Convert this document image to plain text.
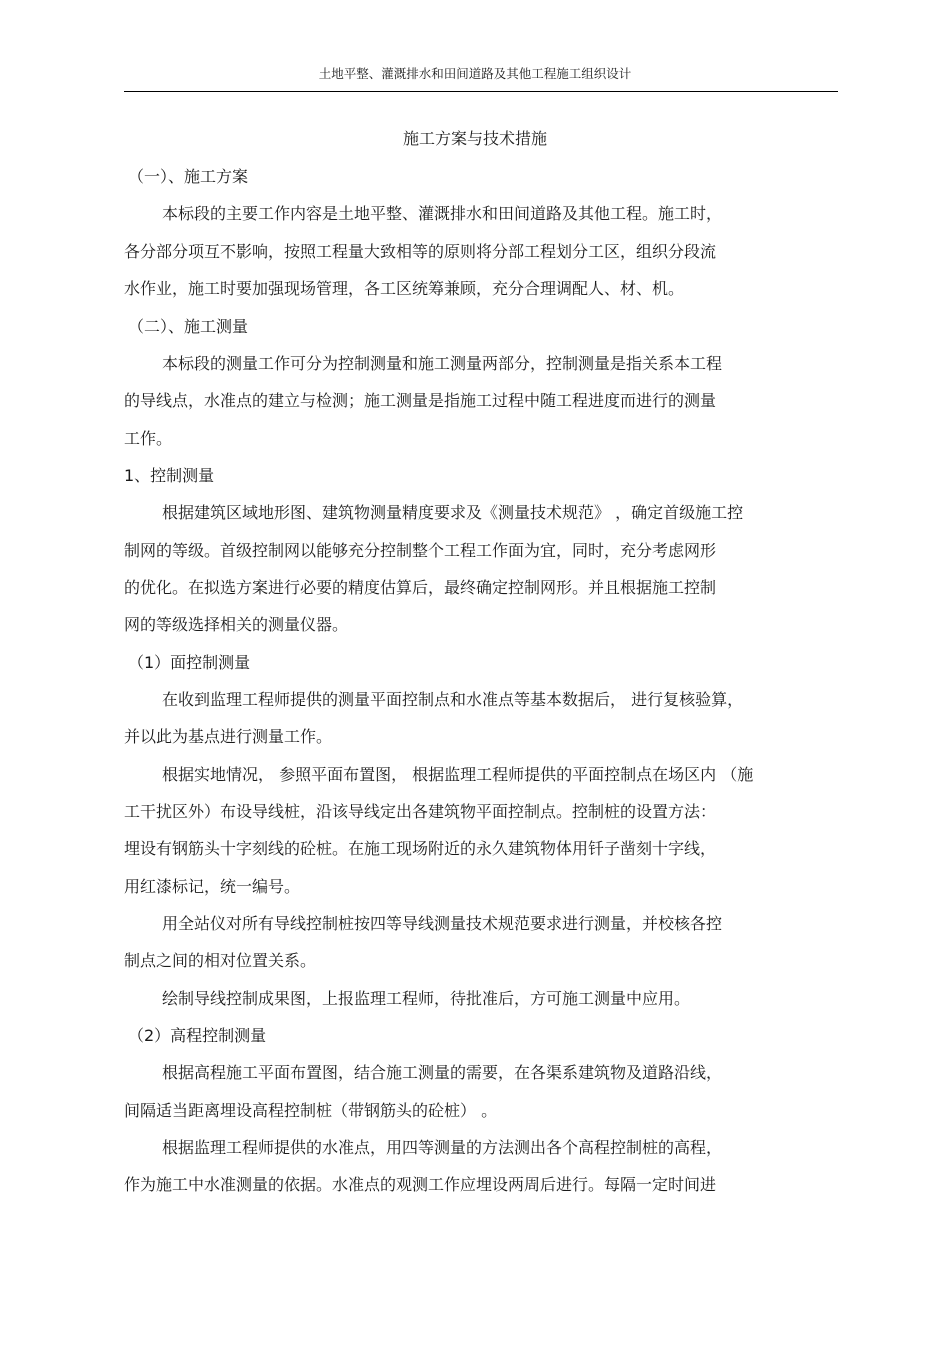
土地平整、灌溉排水和田间道路及其他工程施工组织设计
施工方案与技术措施
（一）、施工方案
本标段的主要工作内容是土地平整、灌溉排水和田间道路及其他工程。施工时，
各分部分项互不影响，按照工程量大致相等的原则将分部工程划分工区，组织分段流
水作业，施工时要加强现场管理，各工区统筹兼顾，充分合理调配人、材、机。
（二）、施工测量
本标段的测量工作可分为控制测量和施工测量两部分，控制测量是指关系本工程
的导线点，水准点的建立与检测；施工测量是指施工过程中随工程进度而进行的测量
工作。
1、控制测量
根据建筑区域地形图、建筑物测量精度要求及《测量技术规范》 ，确定首级施工控
制网的等级。首级控制网以能够充分控制整个工程工作面为宜，同时，充分考虑网形
的优化。在拟选方案进行必要的精度估算后，最终确定控制网形。并且根据施工控制
网的等级选择相关的测量仪器。
（1）面控制测量
在收到监理工程师提供的测量平面控制点和水准点等基本数据后， 进行复核验算，
并以此为基点进行测量工作。
根据实地情况， 参照平面布置图， 根据监理工程师提供的平面控制点在场区内 （施
工干扰区外）布设导线桩，沿该导线定出各建筑物平面控制点。控制桩的设置方法：
埋设有钢筋头十字刻线的砼桩。在施工现场附近的永久建筑物体用钎子凿刻十字线，
用红漆标记，统一编号。
用全站仪对所有导线控制桩按四等导线测量技术规范要求进行测量，并校核各控
制点之间的相对位置关系。
绘制导线控制成果图，上报监理工程师，待批准后，方可施工测量中应用。
（2）高程控制测量
根据高程施工平面布置图，结合施工测量的需要，在各渠系建筑物及道路沿线，
间隔适当距离埋设高程控制桩（带钢筋头的砼桩） 。
根据监理工程师提供的水准点，用四等测量的方法测出各个高程控制桩的高程，
作为施工中水准测量的依据。水准点的观测工作应埋设两周后进行。每隔一定时间进
